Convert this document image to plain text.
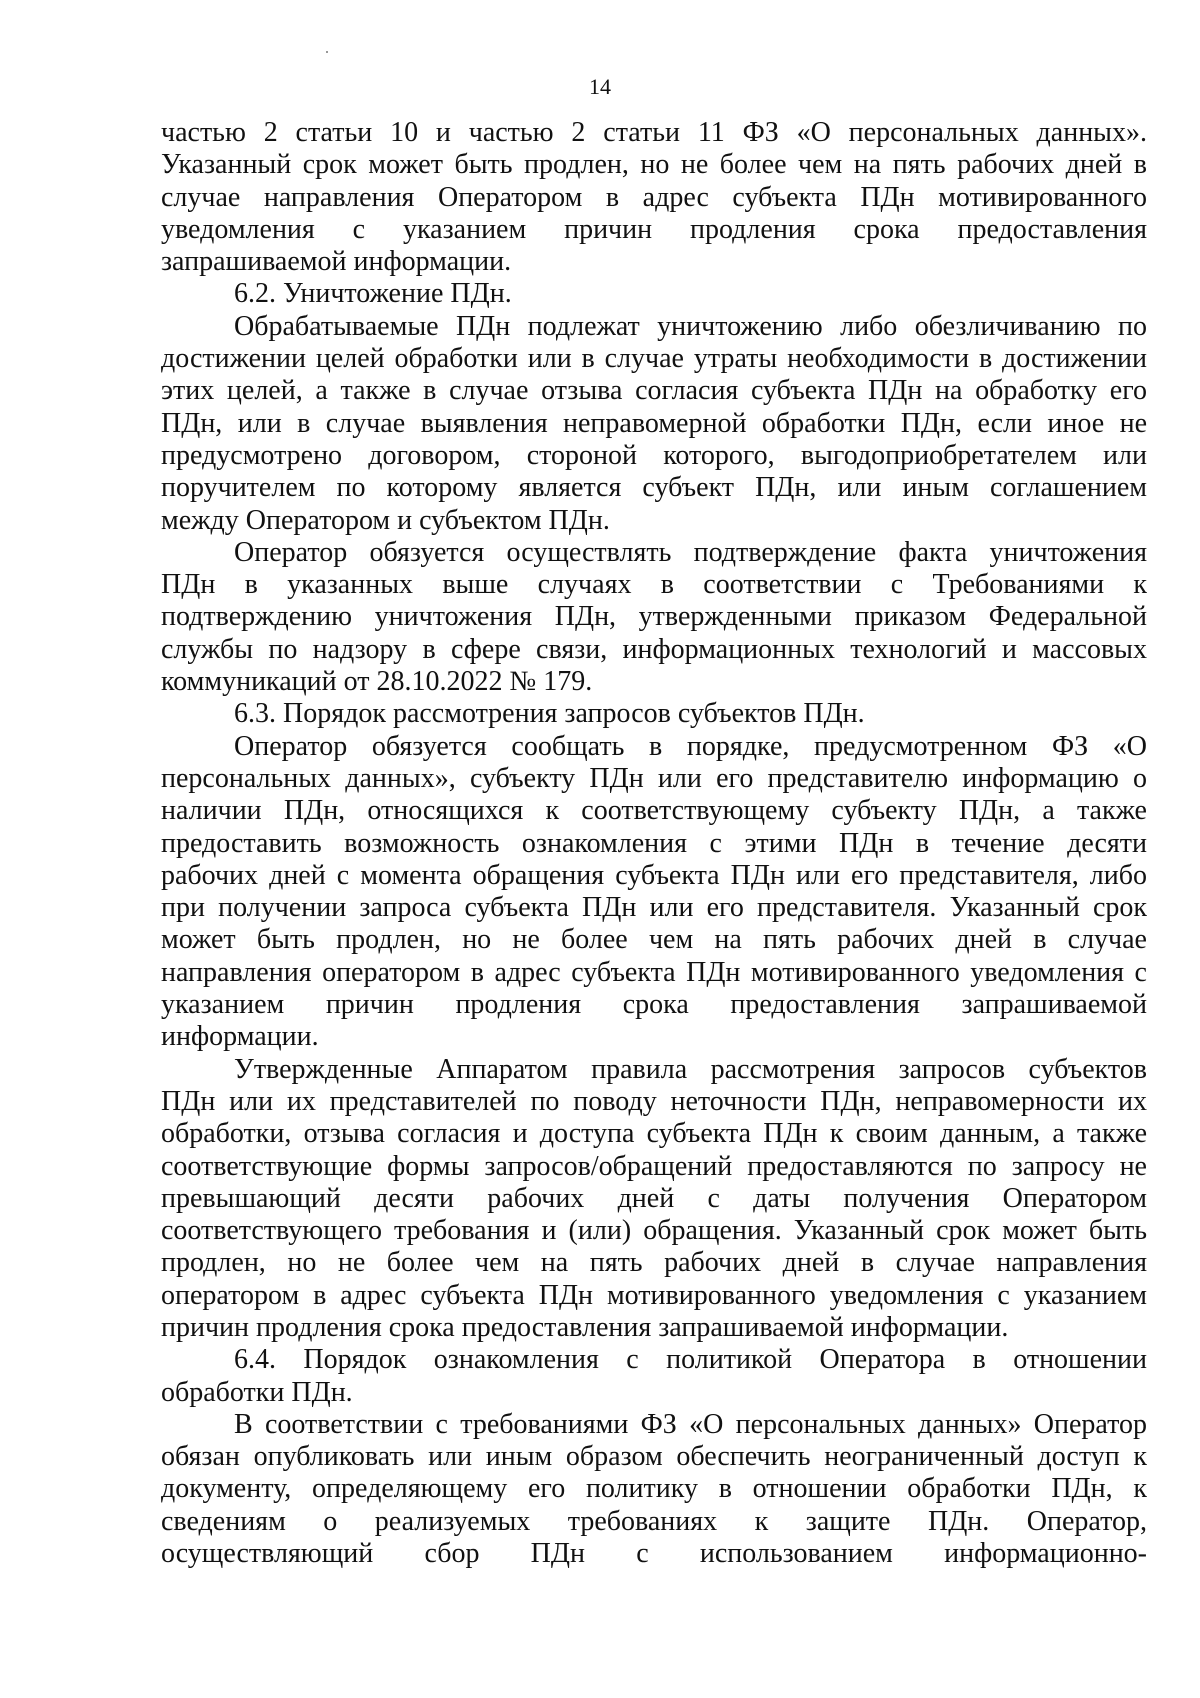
14
частью 2 статьи 10 и частью 2 статьи 11 ФЗ «О персональных данных».
Указанный срок может быть продлен, но не более чем на пять рабочих дней в
случае направления Оператором в адрес субъекта ПДн мотивированного
уведомления с указанием причин продления срока предоставления
запрашиваемой информации.
6.2. Уничтожение ПДн.
Обрабатываемые ПДн подлежат уничтожению либо обезличиванию по
достижении целей обработки или в случае утраты необходимости в достижении
этих целей, а также в случае отзыва согласия субъекта ПДн на обработку его
ПДн, или в случае выявления неправомерной обработки ПДн, если иное не
предусмотрено договором, стороной которого, выгодоприобретателем или
поручителем по которому является субъект ПДн, или иным соглашением
между Оператором и субъектом ПДн.
Оператор обязуется осуществлять подтверждение факта уничтожения
ПДн в указанных выше случаях в соответствии с Требованиями к
подтверждению уничтожения ПДн, утвержденными приказом Федеральной
службы по надзору в сфере связи, информационных технологий и массовых
коммуникаций от 28.10.2022 № 179.
6.3. Порядок рассмотрения запросов субъектов ПДн.
Оператор обязуется сообщать в порядке, предусмотренном ФЗ «О
персональных данных», субъекту ПДн или его представителю информацию о
наличии ПДн, относящихся к соответствующему субъекту ПДн, а также
предоставить возможность ознакомления с этими ПДн в течение десяти
рабочих дней с момента обращения субъекта ПДн или его представителя, либо
при получении запроса субъекта ПДн или его представителя. Указанный срок
может быть продлен, но не более чем на пять рабочих дней в случае
направления оператором в адрес субъекта ПДн мотивированного уведомления с
указанием причин продления срока предоставления запрашиваемой
информации.
Утвержденные Аппаратом правила рассмотрения запросов субъектов
ПДн или их представителей по поводу неточности ПДн, неправомерности их
обработки, отзыва согласия и доступа субъекта ПДн к своим данным, а также
соответствующие формы запросов/обращений предоставляются по запросу не
превышающий десяти рабочих дней с даты получения Оператором
соответствующего требования и (или) обращения. Указанный срок может быть
продлен, но не более чем на пять рабочих дней в случае направления
оператором в адрес субъекта ПДн мотивированного уведомления с указанием
причин продления срока предоставления запрашиваемой информации.
6.4. Порядок ознакомления с политикой Оператора в отношении
обработки ПДн.
В соответствии с требованиями ФЗ «О персональных данных» Оператор
обязан опубликовать или иным образом обеспечить неограниченный доступ к
документу, определяющему его политику в отношении обработки ПДн, к
сведениям о реализуемых требованиях к защите ПДн. Оператор,
осуществляющий сбор ПДн с использованием информационно-
